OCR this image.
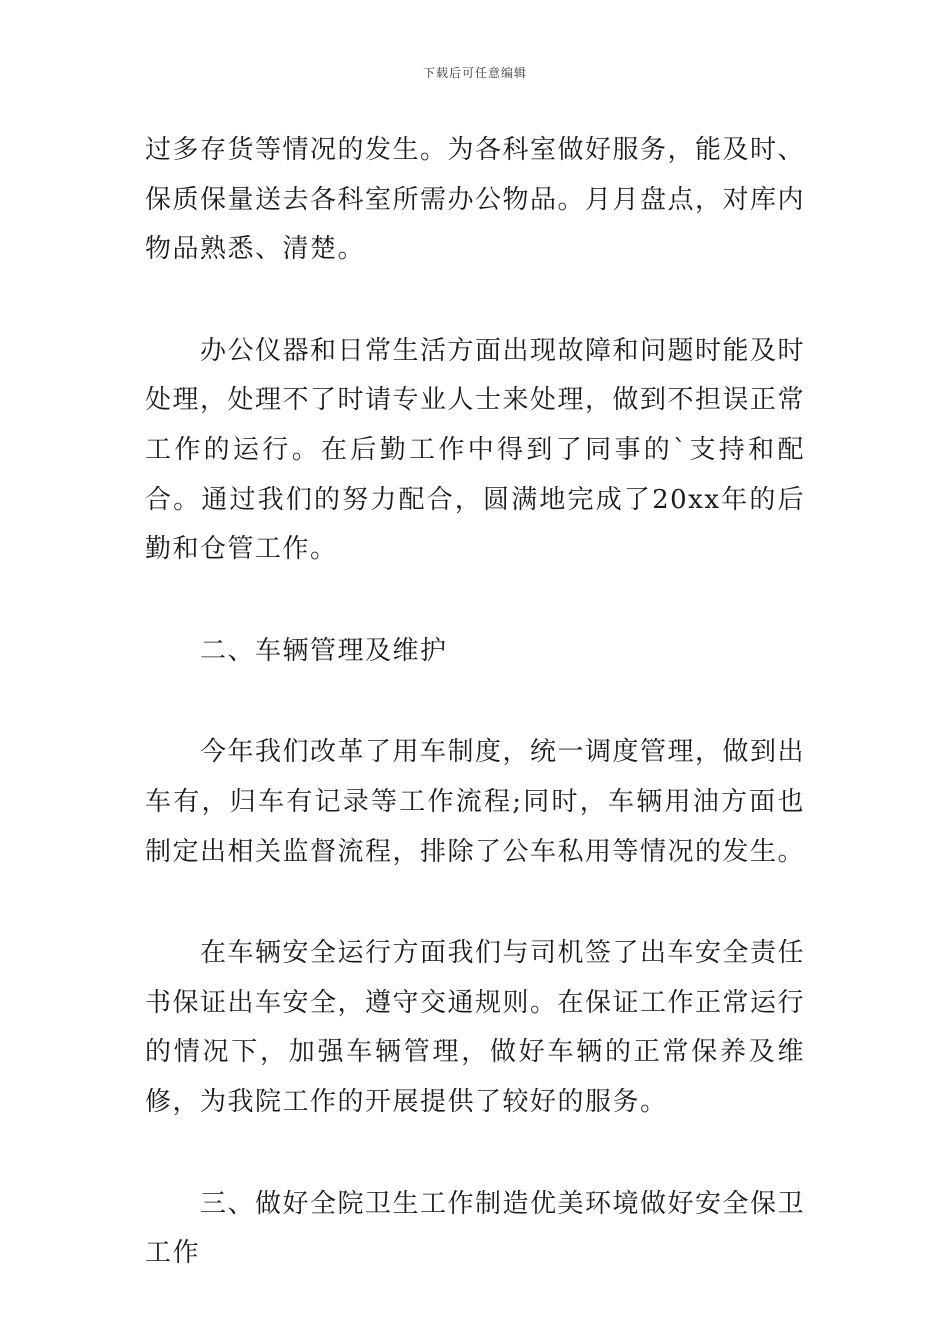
下载后可任意编辑

过多存货等情况的发生。为各科室做好服务，能及时、保质保量送去各科室所需办公物品。月月盘点，对库内物品熟悉、清楚。

　　办公仪器和日常生活方面出现故障和问题时能及时处理，处理不了时请专业人士来处理，做到不担误正常工作的运行。在后勤工作中得到了同事的`支持和配合。通过我们的努力配合，圆满地完成了20xx年的后勤和仓管工作。

　　二、车辆管理及维护

　　今年我们改革了用车制度，统一调度管理，做到出车有，归车有记录等工作流程;同时，车辆用油方面也制定出相关监督流程，排除了公车私用等情况的发生。

　　在车辆安全运行方面我们与司机签了出车安全责任书保证出车安全，遵守交通规则。在保证工作正常运行的情况下，加强车辆管理，做好车辆的正常保养及维修，为我院工作的开展提供了较好的服务。

　　三、做好全院卫生工作制造优美环境做好安全保卫工作
